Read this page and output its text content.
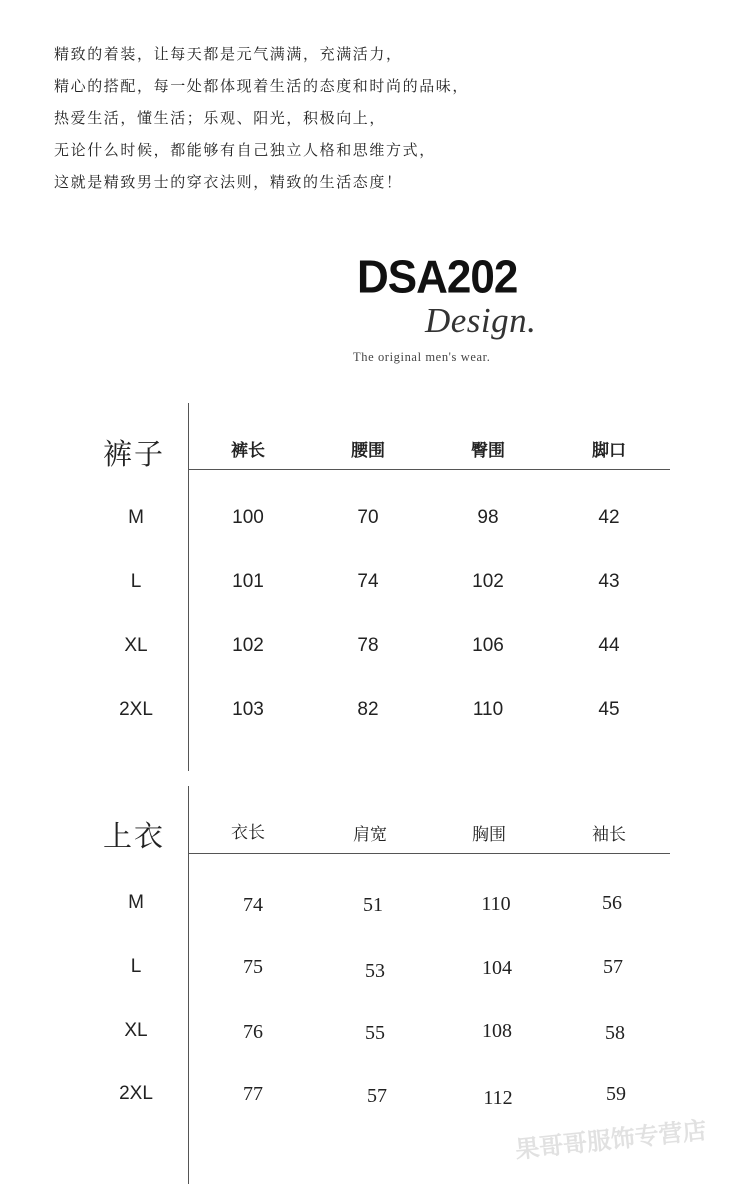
精致的着装，让每天都是元气满满，充满活力，

精心的搭配，每一处都体现着生活的态度和时尚的品味，

热爱生活，懂生活；乐观、阳光，积极向上，

无论什么时候，都能够有自己独立人格和思维方式，

这就是精致男士的穿衣法则，精致的生活态度！

DSA202
Design.
The original men's wear.
裤子	裤长	腰围	臀围	脚口
M	100	70	98	42
L	101	74	102	43
XL	102	78	106	44
2XL	103	82	110	45
上衣	衣长	肩宽	胸围	袖长
M	74	51	110	56
L	75	53	104	57
XL	76	55	108	58
2XL	77	57	112	59
果哥哥服饰专营店
